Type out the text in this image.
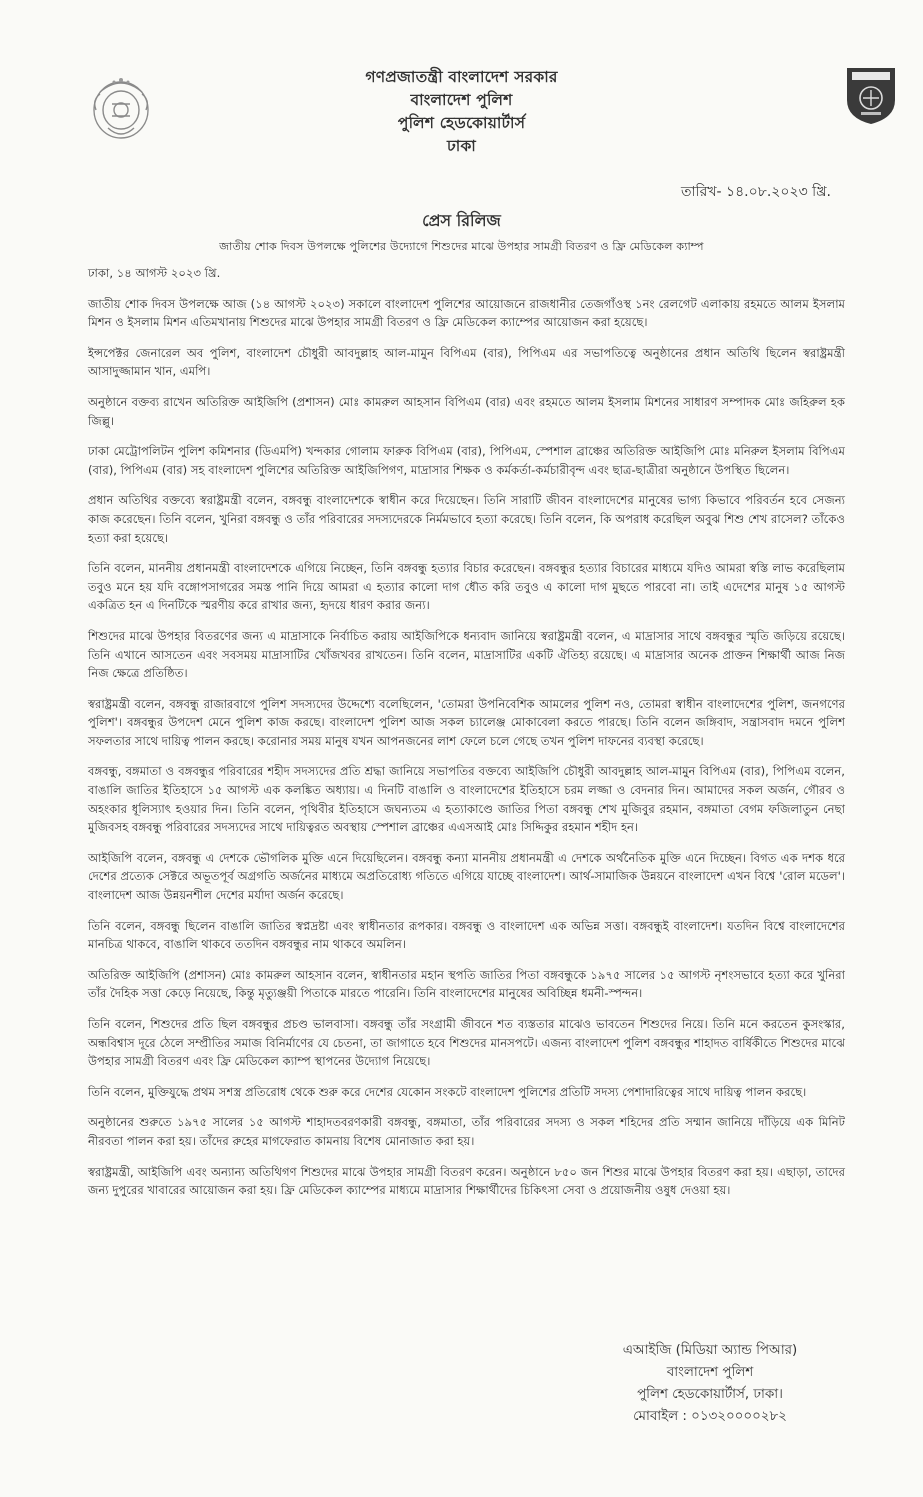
গণপ্রজাতন্ত্রী বাংলাদেশ সরকার
বাংলাদেশ পুলিশ
পুলিশ হেডকোয়ার্টার্স
ঢাকা
তারিখ- ১৪.০৮.২০২৩ খ্রি.
প্রেস রিলিজ
জাতীয় শোক দিবস উপলক্ষে পুলিশের উদ্যোগে শিশুদের মাঝে উপহার সামগ্রী বিতরণ ও ফ্রি মেডিকেল ক্যাম্প

ঢাকা, ১৪ আগস্ট ২০২৩ খ্রি.

জাতীয় শোক দিবস উপলক্ষে আজ (১৪ আগস্ট ২০২৩) সকালে বাংলাদেশ পুলিশের আয়োজনে রাজধানীর তেজগাঁওস্থ ১নং রেলগেট এলাকায় রহমতে আলম ইসলাম মিশন ও ইসলাম মিশন এতিমখানায় শিশুদের মাঝে উপহার সামগ্রী বিতরণ ও ফ্রি মেডিকেল ক্যাম্পের আয়োজন করা হয়েছে।

ইন্সপেক্টর জেনারেল অব পুলিশ, বাংলাদেশ চৌধুরী আবদুল্লাহ আল-মামুন বিপিএম (বার), পিপিএম এর সভাপতিত্বে অনুষ্ঠানের প্রধান অতিথি ছিলেন স্বরাষ্ট্রমন্ত্রী আসাদুজ্জামান খান, এমপি।

অনুষ্ঠানে বক্তব্য রাখেন অতিরিক্ত আইজিপি (প্রশাসন) মোঃ কামরুল আহসান বিপিএম (বার) এবং রহমতে আলম ইসলাম মিশনের সাধারণ সম্পাদক মোঃ জহিরুল হক জিল্লু।

ঢাকা মেট্রোপলিটন পুলিশ কমিশনার (ডিএমপি) খন্দকার গোলাম ফারুক বিপিএম (বার), পিপিএম, স্পেশাল ব্রাঞ্চের অতিরিক্ত আইজিপি মোঃ মনিরুল ইসলাম বিপিএম (বার), পিপিএম (বার) সহ বাংলাদেশ পুলিশের অতিরিক্ত আইজিপিগণ, মাদ্রাসার শিক্ষক ও কর্মকর্তা-কর্মচারীবৃন্দ এবং ছাত্র-ছাত্রীরা অনুষ্ঠানে উপস্থিত ছিলেন।

প্রধান অতিথির বক্তব্যে স্বরাষ্ট্রমন্ত্রী বলেন, বঙ্গবন্ধু বাংলাদেশকে স্বাধীন করে দিয়েছেন। তিনি সারাটি জীবন বাংলাদেশের মানুষের ভাগ্য কিভাবে পরিবর্তন হবে সেজন্য কাজ করেছেন। তিনি বলেন, খুনিরা বঙ্গবন্ধু ও তাঁর পরিবারের সদস্যদেরকে নির্মমভাবে হত্যা করেছে। তিনি বলেন, কি অপরাধ করেছিল অবুঝ শিশু শেখ রাসেল? তাঁকেও হত্যা করা হয়েছে।

তিনি বলেন, মাননীয় প্রধানমন্ত্রী বাংলাদেশকে এগিয়ে নিচ্ছেন, তিনি বঙ্গবন্ধু হত্যার বিচার করেছেন। বঙ্গবন্ধুর হত্যার বিচারের মাধ্যমে যদিও আমরা স্বস্তি লাভ করেছিলাম তবুও মনে হয় যদি বঙ্গোপসাগরের সমস্ত পানি দিয়ে আমরা এ হত্যার কালো দাগ ধৌত করি তবুও এ কালো দাগ মুছতে পারবো না। তাই এদেশের মানুষ ১৫ আগস্ট একত্রিত হন এ দিনটিকে স্মরণীয় করে রাখার জন্য, হৃদয়ে ধারণ করার জন্য।

শিশুদের মাঝে উপহার বিতরণের জন্য এ মাদ্রাসাকে নির্বাচিত করায় আইজিপিকে ধন্যবাদ জানিয়ে স্বরাষ্ট্রমন্ত্রী বলেন, এ মাদ্রাসার সাথে বঙ্গবন্ধুর স্মৃতি জড়িয়ে রয়েছে। তিনি এখানে আসতেন এবং সবসময় মাদ্রাসাটির খোঁজখবর রাখতেন। তিনি বলেন, মাদ্রাসাটির একটি ঐতিহ্য রয়েছে। এ মাদ্রাসার অনেক প্রাক্তন শিক্ষার্থী আজ নিজ নিজ ক্ষেত্রে প্রতিষ্ঠিত।

স্বরাষ্ট্রমন্ত্রী বলেন, বঙ্গবন্ধু রাজারবাগে পুলিশ সদস্যদের উদ্দেশ্যে বলেছিলেন, 'তোমরা উপনিবেশিক আমলের পুলিশ নও, তোমরা স্বাধীন বাংলাদেশের পুলিশ, জনগণের পুলিশ'। বঙ্গবন্ধুর উপদেশ মেনে পুলিশ কাজ করছে। বাংলাদেশ পুলিশ আজ সকল চ্যালেঞ্জ মোকাবেলা করতে পারছে। তিনি বলেন জঙ্গিবাদ, সন্ত্রাসবাদ দমনে পুলিশ সফলতার সাথে দায়িত্ব পালন করছে। করোনার সময় মানুষ যখন আপনজনের লাশ ফেলে চলে গেছে তখন পুলিশ দাফনের ব্যবস্থা করেছে।

বঙ্গবন্ধু, বঙ্গমাতা ও বঙ্গবন্ধুর পরিবারের শহীদ সদস্যদের প্রতি শ্রদ্ধা জানিয়ে সভাপতির বক্তব্যে আইজিপি চৌধুরী আবদুল্লাহ আল-মামুন বিপিএম (বার), পিপিএম বলেন, বাঙালি জাতির ইতিহাসে ১৫ আগস্ট এক কলঙ্কিত অধ্যায়। এ দিনটি বাঙালি ও বাংলাদেশের ইতিহাসে চরম লজ্জা ও বেদনার দিন। আমাদের সকল অর্জন, গৌরব ও অহংকার ধূলিস্যাৎ হওয়ার দিন। তিনি বলেন, পৃথিবীর ইতিহাসে জঘন্যতম এ হত্যাকাণ্ডে জাতির পিতা বঙ্গবন্ধু শেখ মুজিবুর রহমান, বঙ্গমাতা বেগম ফজিলাতুন নেছা মুজিবসহ বঙ্গবন্ধু পরিবারের সদস্যদের সাথে দায়িত্বরত অবস্থায় স্পেশাল ব্রাঞ্চের এএসআই মোঃ সিদ্দিকুর রহমান শহীদ হন।

আইজিপি বলেন, বঙ্গবন্ধু এ দেশকে ভৌগলিক মুক্তি এনে দিয়েছিলেন। বঙ্গবন্ধু কন্যা মাননীয় প্রধানমন্ত্রী এ দেশকে অর্থনৈতিক মুক্তি এনে দিচ্ছেন। বিগত এক দশক ধরে দেশের প্রত্যেক সেক্টরে অভূতপূর্ব অগ্রগতি অর্জনের মাধ্যমে অপ্রতিরোধ্য গতিতে এগিয়ে যাচ্ছে বাংলাদেশ। আর্থ-সামাজিক উন্নয়নে বাংলাদেশ এখন বিশ্বে 'রোল মডেল'। বাংলাদেশ আজ উন্নয়নশীল দেশের মর্যাদা অর্জন করেছে।

তিনি বলেন, বঙ্গবন্ধু ছিলেন বাঙালি জাতির স্বপ্নদ্রষ্টা এবং স্বাধীনতার রূপকার। বঙ্গবন্ধু ও বাংলাদেশ এক অভিন্ন সত্তা। বঙ্গবন্ধুই বাংলাদেশ। যতদিন বিশ্বে বাংলাদেশের মানচিত্র থাকবে, বাঙালি থাকবে ততদিন বঙ্গবন্ধুর নাম থাকবে অমলিন।

অতিরিক্ত আইজিপি (প্রশাসন) মোঃ কামরুল আহসান বলেন, স্বাধীনতার মহান স্থপতি জাতির পিতা বঙ্গবন্ধুকে ১৯৭৫ সালের ১৫ আগস্ট নৃশংসভাবে হত্যা করে খুনিরা তাঁর দৈহিক সত্তা কেড়ে নিয়েছে, কিন্তু মৃত্যুঞ্জয়ী পিতাকে মারতে পারেনি। তিনি বাংলাদেশের মানুষের অবিচ্ছিন্ন ধমনী-স্পন্দন।

তিনি বলেন, শিশুদের প্রতি ছিল বঙ্গবন্ধুর প্রচণ্ড ভালবাসা। বঙ্গবন্ধু তাঁর সংগ্রামী জীবনে শত ব্যস্ততার মাঝেও ভাবতেন শিশুদের নিয়ে। তিনি মনে করতেন কুসংস্কার, অন্ধবিশ্বাস দূরে ঠেলে সম্প্রীতির সমাজ বিনির্মাণের যে চেতনা, তা জাগাতে হবে শিশুদের মানসপটে। এজন্য বাংলাদেশ পুলিশ বঙ্গবন্ধুর শাহাদত বার্ষিকীতে শিশুদের মাঝে উপহার সামগ্রী বিতরণ এবং ফ্রি মেডিকেল ক্যাম্প স্থাপনের উদ্যোগ নিয়েছে।

তিনি বলেন, মুক্তিযুদ্ধে প্রথম সশস্ত্র প্রতিরোধ থেকে শুরু করে দেশের যেকোন সংকটে বাংলাদেশ পুলিশের প্রতিটি সদস্য পেশাদারিত্বের সাথে দায়িত্ব পালন করছে।

অনুষ্ঠানের শুরুতে ১৯৭৫ সালের ১৫ আগস্ট শাহাদতবরণকারী বঙ্গবন্ধু, বঙ্গমাতা, তাঁর পরিবারের সদস্য ও সকল শহিদের প্রতি সম্মান জানিয়ে দাঁড়িয়ে এক মিনিট নীরবতা পালন করা হয়। তাঁদের রুহের মাগফেরাত কামনায় বিশেষ মোনাজাত করা হয়।

স্বরাষ্ট্রমন্ত্রী, আইজিপি এবং অন্যান্য অতিথিগণ শিশুদের মাঝে উপহার সামগ্রী বিতরণ করেন। অনুষ্ঠানে ৮৫০ জন শিশুর মাঝে উপহার বিতরণ করা হয়। এছাড়া, তাদের জন্য দুপুরের খাবারের আয়োজন করা হয়। ফ্রি মেডিকেল ক্যাম্পের মাধ্যমে মাদ্রাসার শিক্ষার্থীদের চিকিৎসা সেবা ও প্রয়োজনীয় ওষুধ দেওয়া হয়।

এআইজি (মিডিয়া অ্যান্ড পিআর)
বাংলাদেশ পুলিশ
পুলিশ হেডকোয়ার্টার্স, ঢাকা।
মোবাইল : ০১৩২০০০০২৮২
